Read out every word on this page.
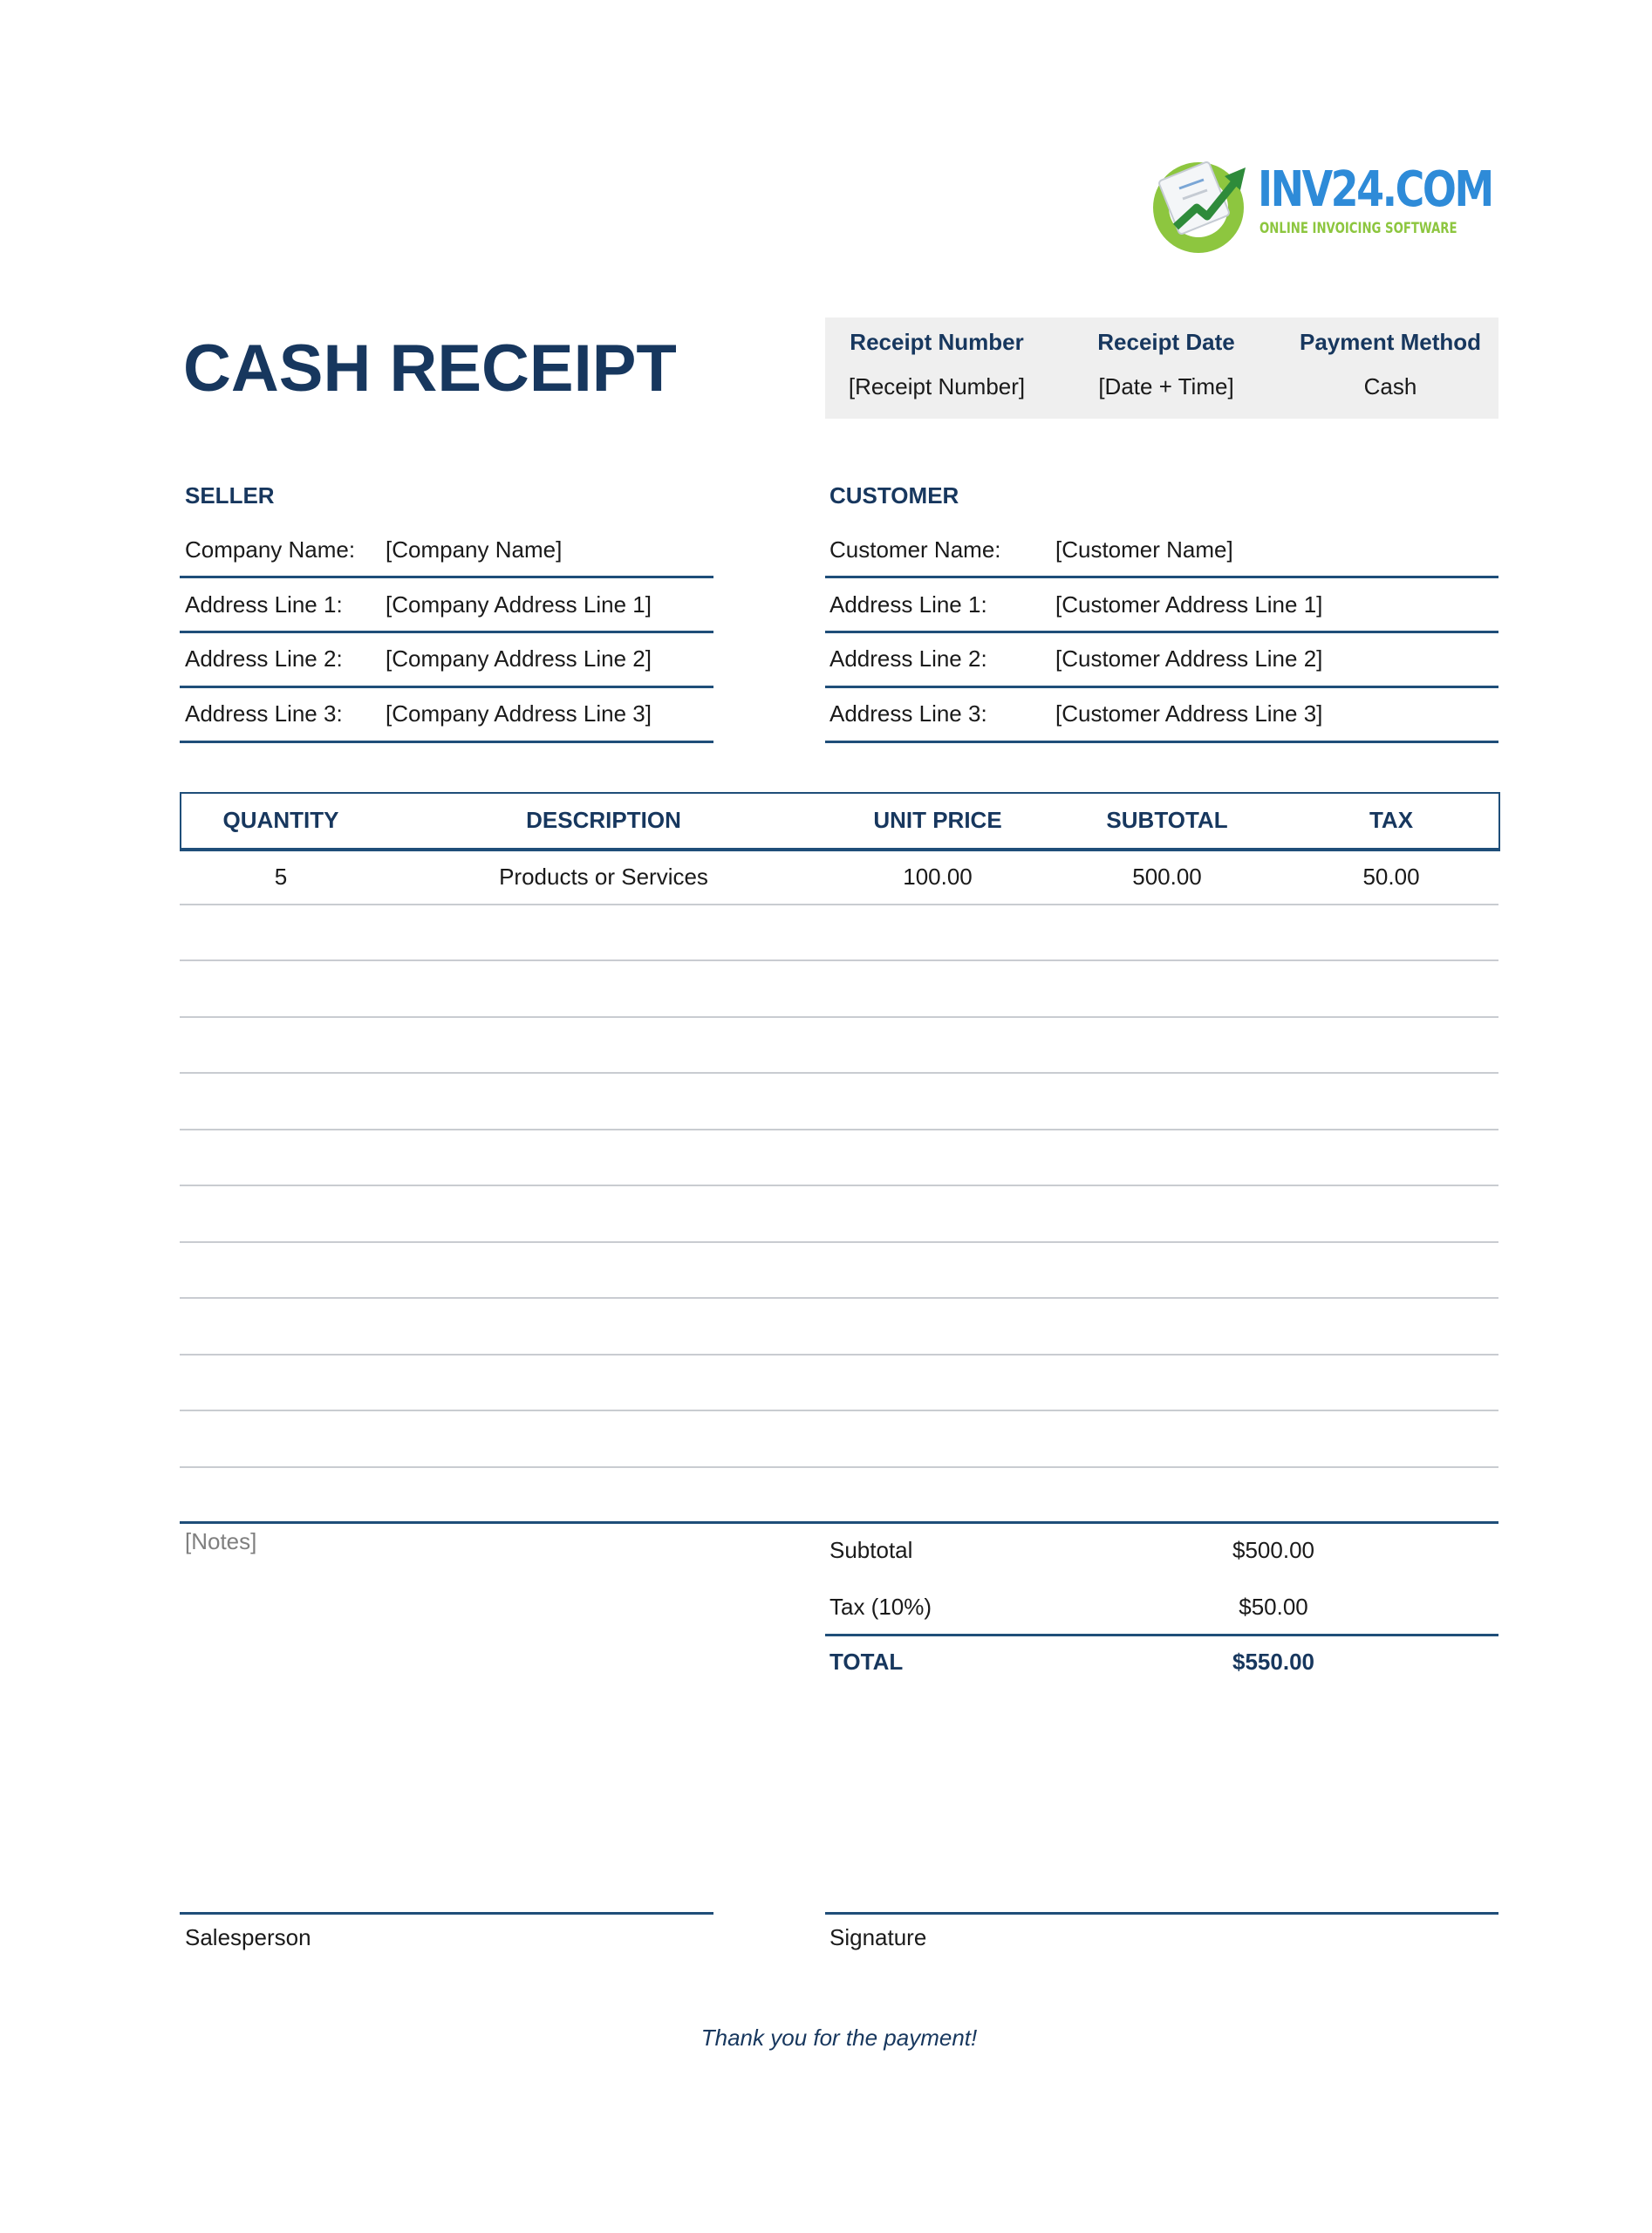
INV24.COM
ONLINE INVOICING SOFTWARE
CASH RECEIPT	Receipt Number	Receipt Date	Payment Method
[Receipt Number]	[Date + Time]	Cash
SELLER
Company Name: [Company Name]
Address Line 1: [Company Address Line 1]
Address Line 2: [Company Address Line 2]
Address Line 3: [Company Address Line 3]
CUSTOMER
Customer Name: [Customer Name]
Address Line 1:	[Customer Address Line 1]
Address Line 2:	[Customer Address Line 2]
Address Line 3:	[Customer Address Line 3]
QUANTITY	DESCRIPTION	UNIT PRICE	SUBTOTAL	TAX
5	Products or Services	100.00	500.00	50.00
[Notes]	Subtotal	$500.00
Tax (10%)	$50.00
TOTAL	$550.00
Salesperson	Signature
Thank you for the payment!
